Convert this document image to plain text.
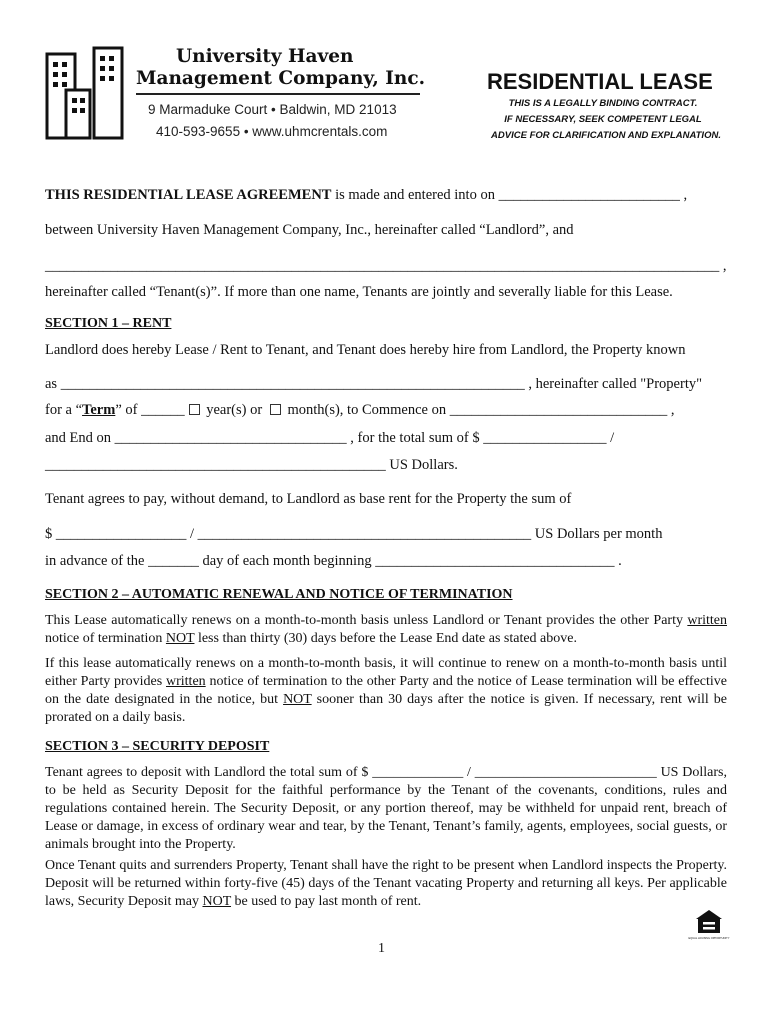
University Haven
Management Company, Inc.
9 Marmaduke Court • Baldwin, MD 21013
410-593-9655 • www.uhmcrentals.com
RESIDENTIAL LEASE
THIS IS A LEGALLY BINDING CONTRACT.
IF NECESSARY, SEEK COMPETENT LEGAL
ADVICE FOR CLARIFICATION AND EXPLANATION.
THIS RESIDENTIAL LEASE AGREEMENT is made and entered into on _________________________ ,
between University Haven Management Company, Inc., hereinafter called “Landlord”, and
_____________________________________________________________________________________________ ,
hereinafter called “Tenant(s)”. If more than one name, Tenants are jointly and severally liable for this Lease.
SECTION 1 – RENT
Landlord does hereby Lease / Rent to Tenant, and Tenant does hereby hire from Landlord, the Property known
as ________________________________________________________________ , hereinafter called "Property"
for a “Term” of ______ year(s) or  month(s), to Commence on ______________________________ ,
and End on ________________________________ , for the total sum of $ _________________ /
_______________________________________________ US Dollars.
Tenant agrees to pay, without demand, to Landlord as base rent for the Property the sum of
$ __________________ / ______________________________________________ US Dollars per month
in advance of the _______ day of each month beginning _________________________________ .
SECTION 2 – AUTOMATIC RENEWAL AND NOTICE OF TERMINATION
This Lease automatically renews on a month-to-month basis unless Landlord or Tenant provides the other Party written notice of termination NOT less than thirty (30) days before the Lease End date as stated above.
If this lease automatically renews on a month-to-month basis, it will continue to renew on a month-to-month basis until either Party provides written notice of termination to the other Party and the notice of Lease termination will be effective on the date designated in the notice, but NOT sooner than 30 days after the notice is given. If necessary, rent will be prorated on a daily basis.
SECTION 3 – SECURITY DEPOSIT
Tenant agrees to deposit with Landlord the total sum of $ _____________ / __________________________ US Dollars, to be held as Security Deposit for the faithful performance by the Tenant of the covenants, conditions, rules and regulations contained herein. The Security Deposit, or any portion thereof, may be withheld for unpaid rent, breach of Lease or damage, in excess of ordinary wear and tear, by the Tenant, Tenant’s family, agents, employees, social guests, or animals brought into the Property.
Once Tenant quits and surrenders Property, Tenant shall have the right to be present when Landlord inspects the Property. Deposit will be returned within forty-five (45) days of the Tenant vacating Property and returning all keys. Per applicable laws, Security Deposit may NOT be used to pay last month of rent.
EQUAL HOUSING OPPORTUNITY
1
